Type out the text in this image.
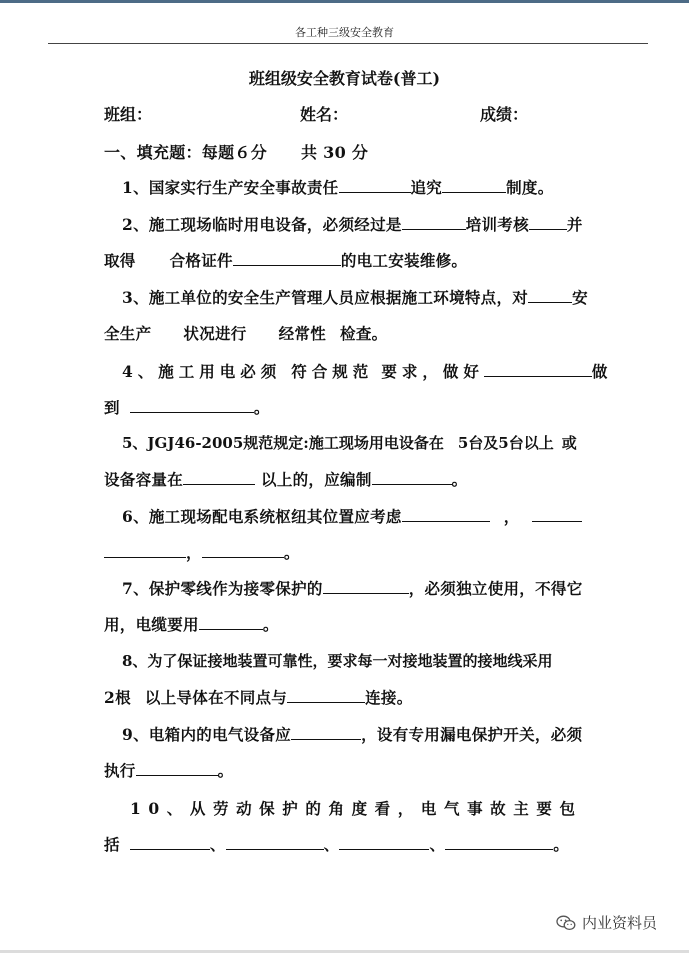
各工种三级安全教育
班组级安全教育试卷(普工)
班组：	姓名：	成绩：
一、填充题：每题６分 共 30 分
1、国家实行生产安全事故责任	追究	制度。
2、施工现场临时用电设备，必须经过是	培训考核 并
取得 合格证件	的电工安装维修。
3、施工单位的安全生产管理人员应根据施工环境特点，对	安
全生产 状况进行 经常性 检查。
4、施工用电必须 符合规范 要求，做好	做
到	。
5、JGJ46-2005规范规定:施工现场用电设备在 5台及5台以上 或
设备容量在	以上的，应编制	。
6、施工现场配电系统枢纽其位置应考虑	，
，	。
7、保护零线作为接零保护的	，必须独立使用，不得它
用，电缆要用	。
8、为了保证接地装置可靠性，要求每一对接地装置的接地线采用
2根 以上导体在不同点与	连接。
9、电箱内的电气设备应	，设有专用漏电保护开关，必须
执行	。
10、从劳动保护的角度看，电气事故主要包
括	、	、	、	。
内业资料员
